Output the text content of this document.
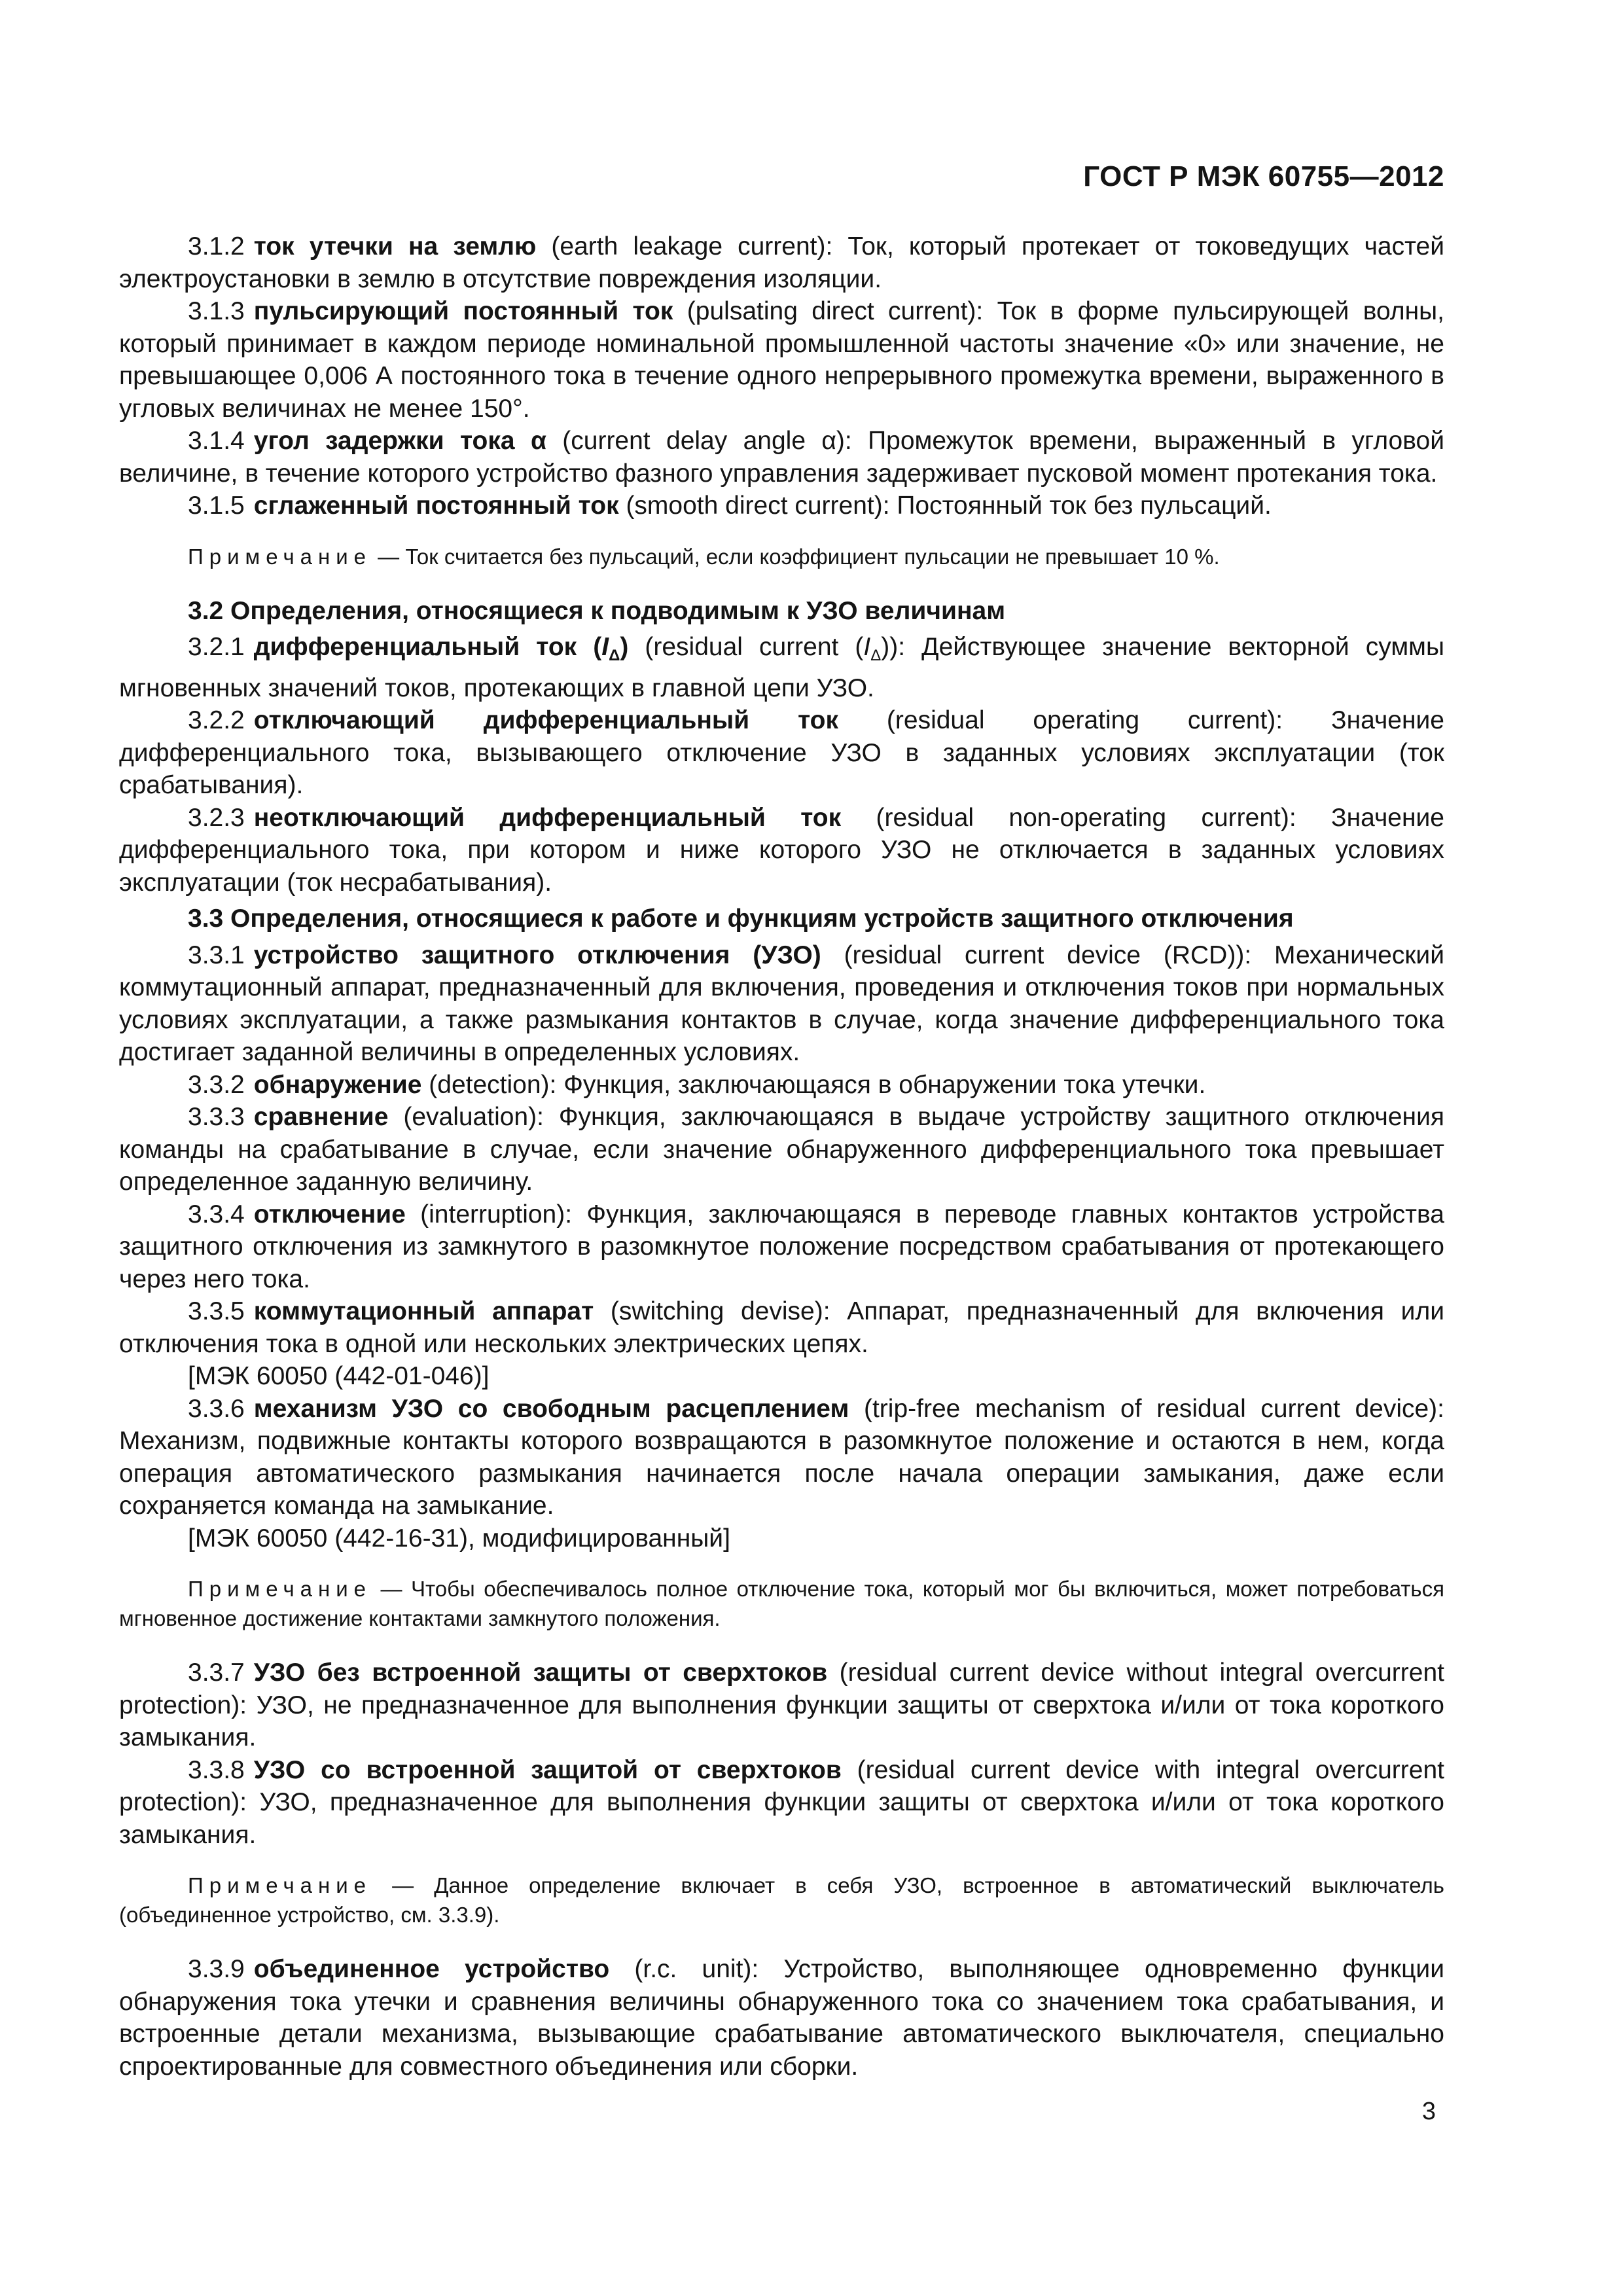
ГОСТ Р МЭК 60755—2012

3.1.2 ток утечки на землю (earth leakage current): Ток, который протекает от токоведущих частей электроустановки в землю в отсутствие повреждения изоляции.

3.1.3 пульсирующий постоянный ток (pulsating direct current): Ток в форме пульсирующей волны, который принимает в каждом периоде номинальной промышленной частоты значение «0» или значение, не превышающее 0,006 А постоянного тока в течение одного непрерывного промежутка времени, выраженного в угловых величинах не менее 150°.

3.1.4 угол задержки тока α (current delay angle α): Промежуток времени, выраженный в угловой величине, в течение которого устройство фазного управления задерживает пусковой момент протекания тока.

3.1.5 сглаженный постоянный ток (smooth direct current): Постоянный ток без пульсаций.

Примечание — Ток считается без пульсаций, если коэффициент пульсации не превышает 10 %.

3.2 Определения, относящиеся к подводимым к УЗО величинам

3.2.1 дифференциальный ток $(I_\Delta)$ (residual current $(I_\Delta)$): Действующее значение векторной суммы мгновенных значений токов, протекающих в главной цепи УЗО.

3.2.2 отключающий дифференциальный ток (residual operating current): Значение дифференциального тока, вызывающего отключение УЗО в заданных условиях эксплуатации (ток срабатывания).

3.2.3 неотключающий дифференциальный ток (residual non-operating current): Значение дифференциального тока, при котором и ниже которого УЗО не отключается в заданных условиях эксплуатации (ток несрабатывания).

3.3 Определения, относящиеся к работе и функциям устройств защитного отключения

3.3.1 устройство защитного отключения (УЗО) (residual current device (RCD)): Механический коммутационный аппарат, предназначенный для включения, проведения и отключения токов при нормальных условиях эксплуатации, а также размыкания контактов в случае, когда значение дифференциального тока достигает заданной величины в определенных условиях.

3.3.2 обнаружение (detection): Функция, заключающаяся в обнаружении тока утечки.

3.3.3 сравнение (evaluation): Функция, заключающаяся в выдаче устройству защитного отключения команды на срабатывание в случае, если значение обнаруженного дифференциального тока превышает определенное заданную величину.

3.3.4 отключение (interruption): Функция, заключающаяся в переводе главных контактов устройства защитного отключения из замкнутого в разомкнутое положение посредством срабатывания от протекающего через него тока.

3.3.5 коммутационный аппарат (switching devise): Аппарат, предназначенный для включения или отключения тока в одной или нескольких электрических цепях.

[МЭК 60050 (442-01-046)]

3.3.6 механизм УЗО со свободным расцеплением (trip-free mechanism of residual current device): Механизм, подвижные контакты которого возвращаются в разомкнутое положение и остаются в нем, когда операция автоматического размыкания начинается после начала операции замыкания, даже если сохраняется команда на замыкание.

[МЭК 60050 (442-16-31), модифицированный]

Примечание — Чтобы обеспечивалось полное отключение тока, который мог бы включиться, может потребоваться мгновенное достижение контактами замкнутого положения.

3.3.7 УЗО без встроенной защиты от сверхтоков (residual current device without integral overcurrent protection): УЗО, не предназначенное для выполнения функции защиты от сверхтока и/или от тока короткого замыкания.

3.3.8 УЗО со встроенной защитой от сверхтоков (residual current device with integral overcurrent protection): УЗО, предназначенное для выполнения функции защиты от сверхтока и/или от тока короткого замыкания.

Примечание — Данное определение включает в себя УЗО, встроенное в автоматический выключатель (объединенное устройство, см. 3.3.9).

3.3.9 объединенное устройство (r.c. unit): Устройство, выполняющее одновременно функции обнаружения тока утечки и сравнения величины обнаруженного тока со значением тока срабатывания, и встроенные детали механизма, вызывающие срабатывание автоматического выключателя, специально спроектированные для совместного объединения или сборки.

3
